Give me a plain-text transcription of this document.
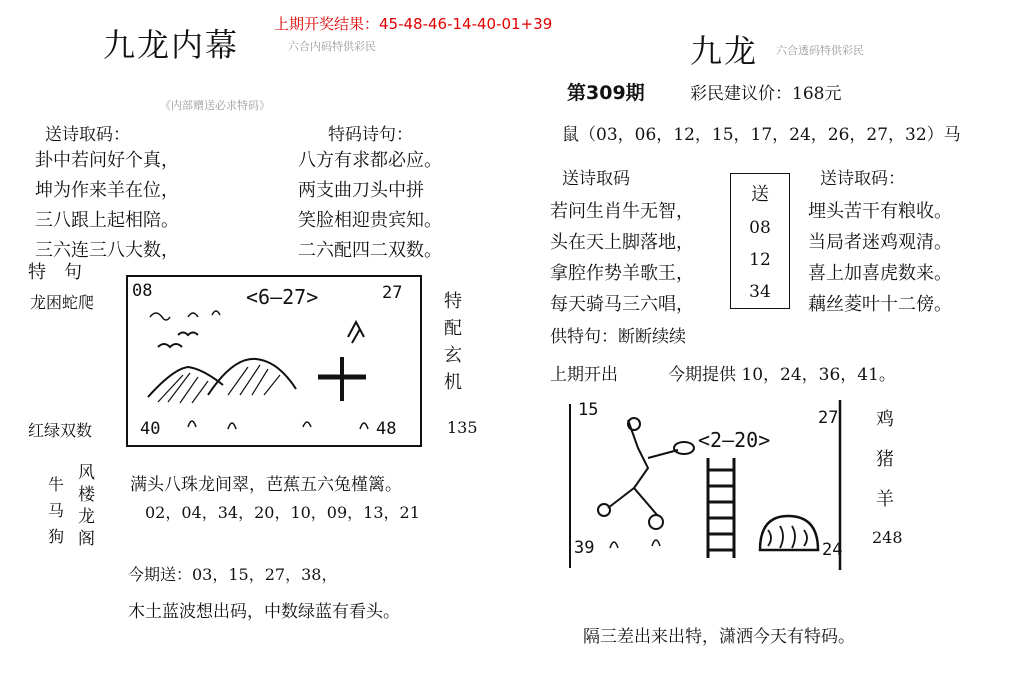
九龙内幕	六合内码特供彩民
上期开奖结果：45-48-46-14-40-01+39
《内部赠送必求特码》
送诗取码：	特码诗句：
卦中若问好个真，
坤为作来羊在位，
三八跟上起相陪。
三六连三八大数，
八方有求都必应。
两支曲刀头中拼
笑脸相迎贵宾知。
二六配四二双数。
特　句
龙困蛇爬
红绿双数
08	<6—27>	27
40	48
特
配
玄
机
135
牛
马
狗
风
楼
龙
阁
满头八珠龙间翠，芭蕉五六兔槿篱。
02，04，34，20，10，09，13，21
今期送：03，15，27，38，
木土蓝波想出码，中数绿蓝有看头。
九龙 六合透码特供彩民
第309期	彩民建议价：168元
鼠（03，06，12，15，17，24，26，27，32）马
送诗取码	送诗取码：
若问生肖牛无智，
头在天上脚落地，
拿腔作势羊歌王，
每天骑马三六唱，
送
08
12
34
埋头苦干有粮收。
当局者迷鸡观清。
喜上加喜虎数来。
藕丝菱叶十二傍。
供特句：断断续续
上期开出	今期提供 10，24，36，41。
15
<2—20>
27
39	24
鸡
猪
羊
248
隔三差出来出特，潇洒今天有特码。
